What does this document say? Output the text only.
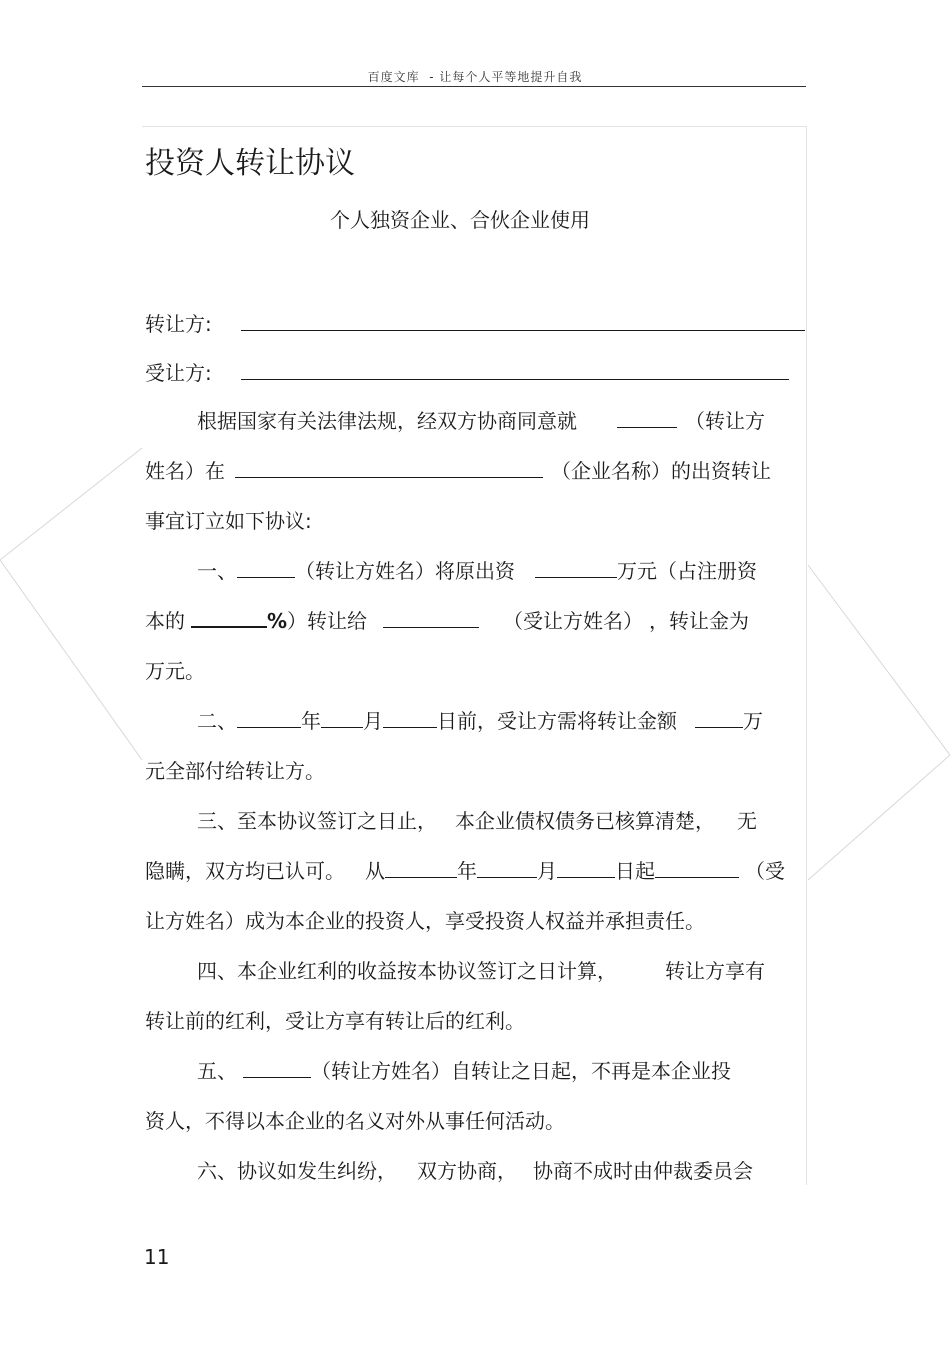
百度文库  - 让每个人平等地提升自我
投资人转让协议
个人独资企业、合伙企业使用
转让方:
受让方:
根据国家有关法律法规，经双方协商同意就	（转让方
姓名）在	（企业名称）的出资转让
事宜订立如下协议:
一、	（转让方姓名）将原出资	万元（占注册资
本的	%）转让给	（受让方姓名） ，转让金为
万元。
二、	年 月	日前，受让方需将转让金额	万
元全部付给转让方。
三、至本协议签订之日止， 本企业债权债务已核算清楚， 无
隐瞒，双方均已认可。 从	年	月	日起	（受
让方姓名）成为本企业的投资人，享受投资人权益并承担责任。
四、本企业红利的收益按本协议签订之日计算， 转让方享有
转让前的红利，受让方享有转让后的红利。
五、	（转让方姓名）自转让之日起，不再是本企业投
资人，不得以本企业的名义对外从事任何活动。
六、协议如发生纠纷， 双方协商， 协商不成时由仲裁委员会
11
